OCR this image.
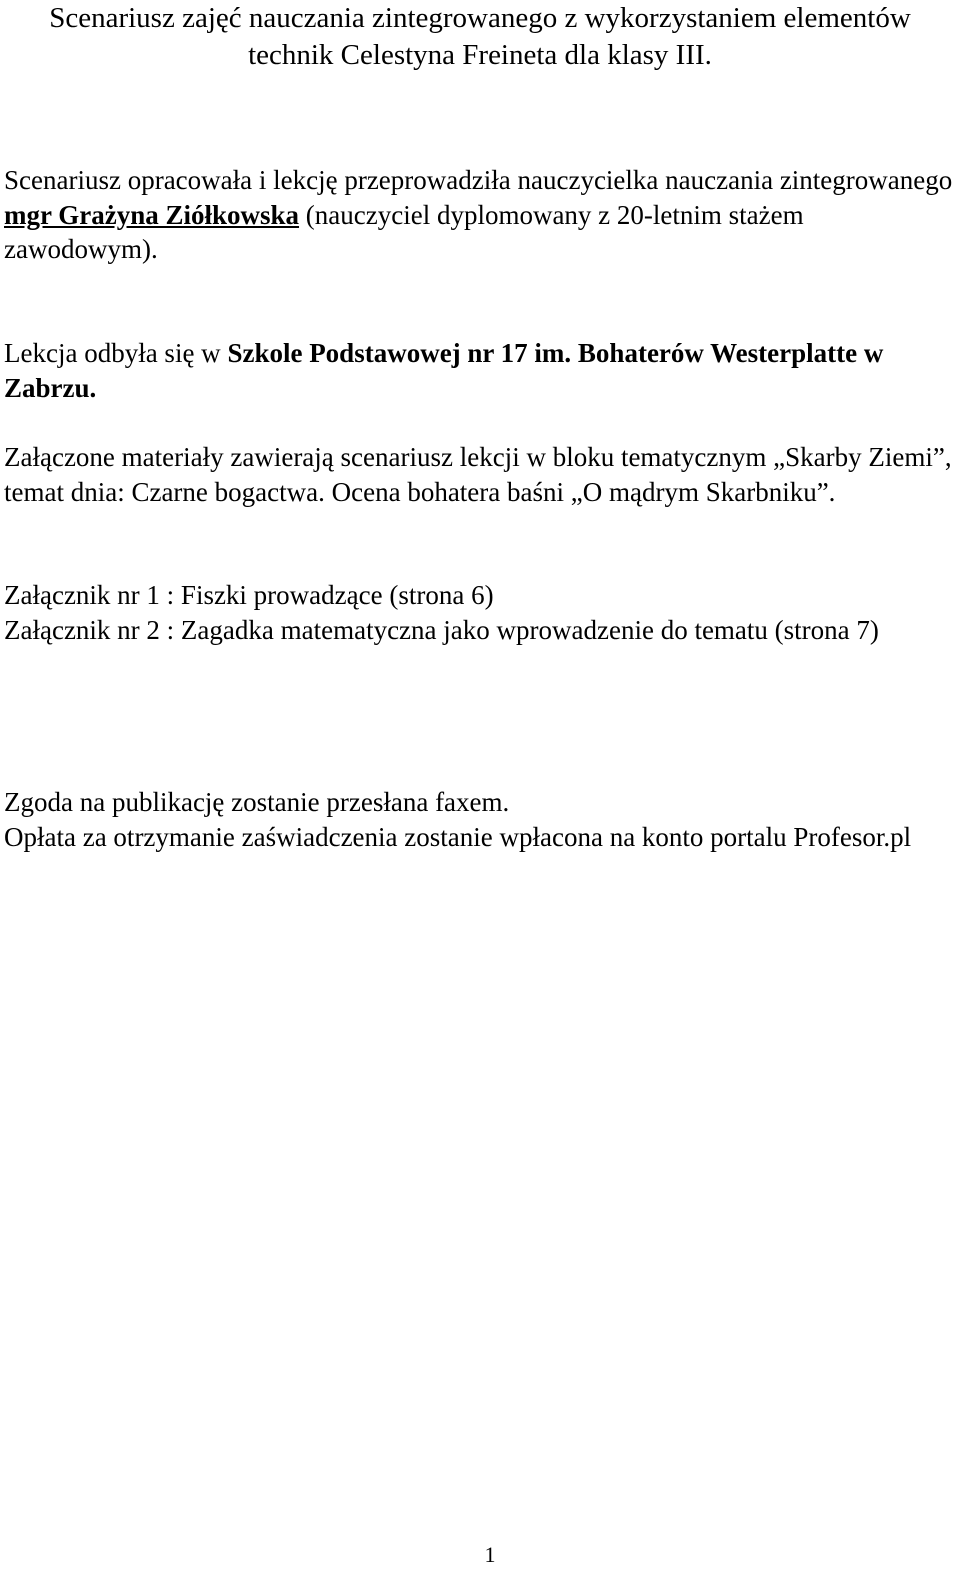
Scenariusz zajęć nauczania zintegrowanego z wykorzystaniem elementów technik Celestyna Freineta dla klasy III.

Scenariusz opracowała i lekcję przeprowadziła nauczycielka nauczania zintegrowanego
mgr Grażyna Ziółkowska (nauczyciel dyplomowany z 20-letnim stażem zawodowym).

Lekcja odbyła się w Szkole Podstawowej nr 17 im. Bohaterów Westerplatte w Zabrzu.

Załączone materiały zawierają scenariusz lekcji w bloku tematycznym „Skarby Ziemi”, temat dnia: Czarne bogactwa. Ocena bohatera baśni „O mądrym Skarbniku”.

Załącznik nr 1 : Fiszki prowadzące (strona 6)
Załącznik nr 2 : Zagadka matematyczna jako wprowadzenie do tematu (strona 7)

Zgoda na publikację zostanie przesłana faxem.
Opłata za otrzymanie zaświadczenia zostanie wpłacona na konto portalu Profesor.pl

1
